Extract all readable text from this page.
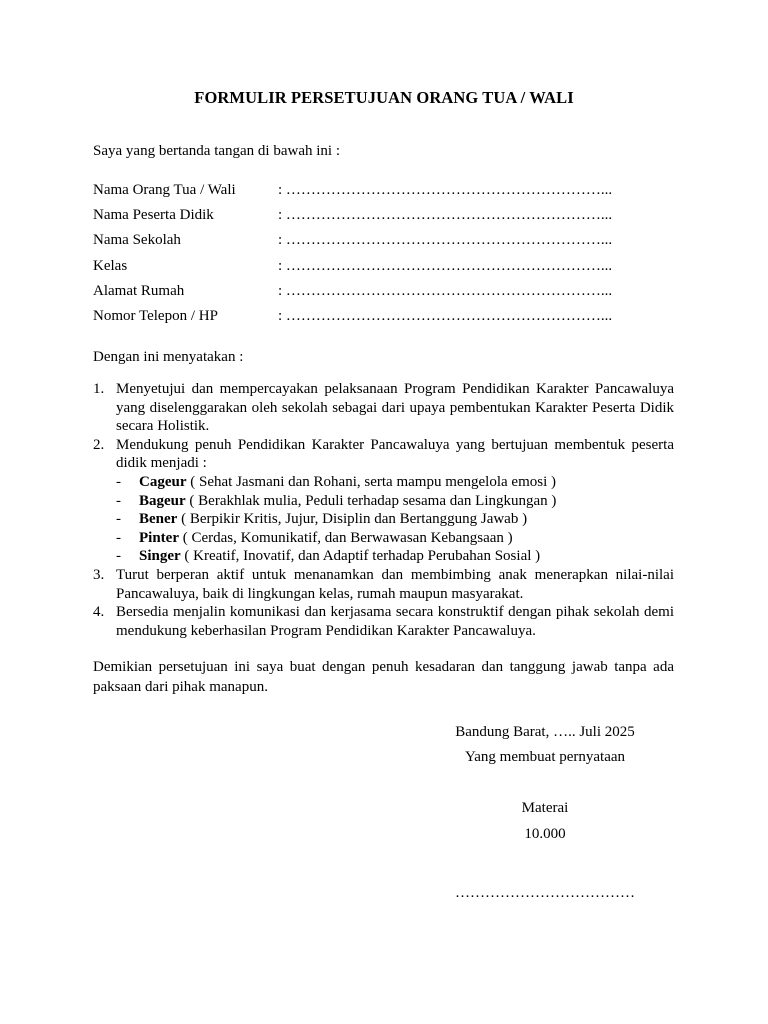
FORMULIR PERSETUJUAN ORANG TUA / WALI
Saya yang bertanda tangan di bawah ini :
Nama Orang Tua / Wali	: ………………………………………………………...
Nama Peserta Didik	: ………………………………………………………...
Nama Sekolah	: ………………………………………………………...
Kelas	: ………………………………………………………...
Alamat Rumah	: ………………………………………………………...
Nomor Telepon / HP	: ………………………………………………………...
Dengan ini menyatakan :
1. Menyetujui dan mempercayakan pelaksanaan Program Pendidikan Karakter Pancawaluya yang diselenggarakan oleh sekolah sebagai dari upaya pembentukan Karakter Peserta Didik secara Holistik.
2. Mendukung penuh Pendidikan Karakter Pancawaluya yang bertujuan membentuk peserta didik menjadi :
- Cageur ( Sehat Jasmani dan Rohani, serta mampu mengelola emosi )
- Bageur ( Berakhlak mulia, Peduli terhadap sesama dan Lingkungan )
- Bener ( Berpikir Kritis, Jujur, Disiplin dan Bertanggung Jawab )
- Pinter ( Cerdas, Komunikatif, dan Berwawasan Kebangsaan )
- Singer ( Kreatif, Inovatif, dan Adaptif terhadap Perubahan Sosial )
3. Turut berperan aktif untuk menanamkan dan membimbing anak menerapkan nilai-nilai Pancawaluya, baik di lingkungan kelas, rumah maupun masyarakat.
4. Bersedia menjalin komunikasi dan kerjasama secara konstruktif dengan pihak sekolah demi mendukung keberhasilan Program Pendidikan Karakter Pancawaluya.
Demikian persetujuan ini saya buat dengan penuh kesadaran dan tanggung jawab tanpa ada paksaan dari pihak manapun.
Bandung Barat, ….. Juli 2025
Yang membuat pernyataan
Materai
10.000
………………………………
